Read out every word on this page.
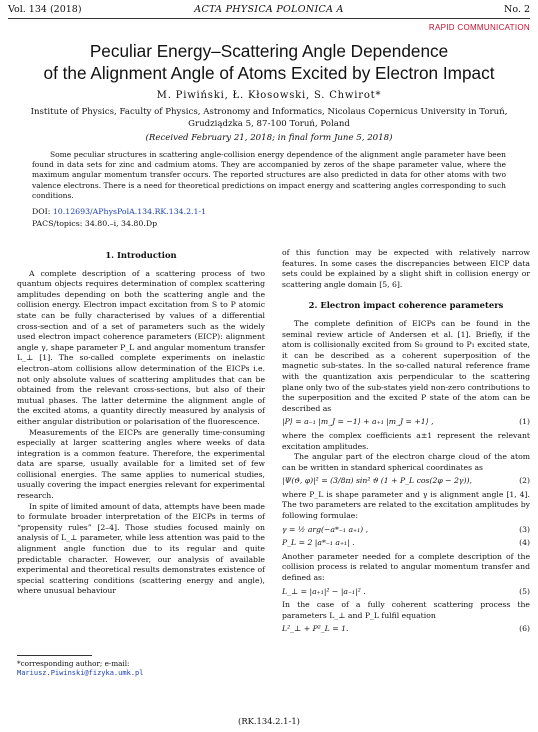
Vol. 134 (2018)	ACTA PHYSICA POLONICA A	No. 2
RAPID COMMUNICATION
Peculiar Energy–Scattering Angle Dependence
of the Alignment Angle of Atoms Excited by Electron Impact
M. Piwiński, Ł. Kłosowski, S. Chwirot*
Institute of Physics, Faculty of Physics, Astronomy and Informatics, Nicolaus Copernicus University in Toruń,
Grudziądzka 5, 87-100 Toruń, Poland
(Received February 21, 2018; in final form June 5, 2018)
Some peculiar structures in scattering angle-collision energy dependence of the alignment angle parameter have been found in data sets for zinc and cadmium atoms. They are accompanied by zeros of the shape parameter value, where the maximum angular momentum transfer occurs. The reported structures are also predicted in data for other atoms with two valence electrons. There is a need for theoretical predictions on impact energy and scattering angles corresponding to such conditions.
DOI: 10.12693/APhysPolA.134.RK.134.2.1-1
PACS/topics: 34.80.–i, 34.80.Dp
1. Introduction

A complete description of a scattering process of two quantum objects requires determination of complex scattering amplitudes depending on both the scattering angle and the collision energy. Electron impact excitation from S to P atomic state can be fully characterised by values of a differential cross-section and of a set of parameters such as the widely used electron impact coherence parameters (EICP): alignment angle γ, shape parameter P_L and angular momentum transfer L_⊥ [1]. The so-called complete experiments on inelastic electron–atom collisions allow determination of the EICPs i.e. not only absolute values of scattering amplitudes that can be obtained from the relevant cross-sections, but also of their mutual phases. The latter determine the alignment angle of the excited atoms, a quantity directly measured by analysis of either angular distribution or polarisation of the fluorescence.

Measurements of the EICPs are generally time-consuming especially at larger scattering angles where weeks of data integration is a common feature. Therefore, the experimental data are sparse, usually available for a limited set of few collisional energies. The same applies to numerical studies, usually covering the impact energies relevant for experimental research.

In spite of limited amount of data, attempts have been made to formulate broader interpretation of the EICPs in terms of “propensity rules” [2–4]. Those studies focused mainly on analysis of L_⊥ parameter, while less attention was paid to the alignment angle function due to its regular and quite predictable character. However, our analysis of available experimental and theoretical results demonstrates existence of special scattering conditions (scattering energy and angle), where unusual behaviour

of this function may be expected with relatively narrow features. In some cases the discrepancies between EICP data sets could be explained by a slight shift in collision energy or scattering angle domain [5, 6].

2. Electron impact coherence parameters

The complete definition of EICPs can be found in the seminal review article of Andersen et al. [1]. Briefly, if the atom is collisionally excited from S₀ ground to P₁ excited state, it can be described as a coherent superposition of the magnetic sub-states. In the so-called natural reference frame with the quantization axis perpendicular to the scattering plane only two of the sub-states yield non-zero contributions to the superposition and the excited P state of the atom can be described as

|P⟩ = a₋₁ |m_J = −1⟩ + a₊₁ |m_J = +1⟩ ,	(1)

where the complex coefficients a±1 represent the relevant excitation amplitudes.

The angular part of the electron charge cloud of the atom can be written in standard spherical coordinates as

|Ψ(ϑ, φ)|² = (3/8π) sin² ϑ (1 + P_L cos(2φ − 2γ)),	(2)

where P_L is shape parameter and γ is alignment angle [1, 4]. The two parameters are related to the excitation amplitudes by following formulae:

γ = ½ arg(−a*₋₁ a₊₁) ,	(3)
P_L = 2 |a*₋₁ a₊₁| .	(4)

Another parameter needed for a complete description of the collision process is related to angular momentum transfer and defined as:

L_⊥ = |a₊₁|² − |a₋₁|² .	(5)

In the case of a fully coherent scattering process the parameters L_⊥ and P_L fulfil equation

L²_⊥ + P²_L = 1.	(6)
*corresponding author; e-mail:
Mariusz.Piwinski@fizyka.umk.pl
(RK.134.2.1-1)
